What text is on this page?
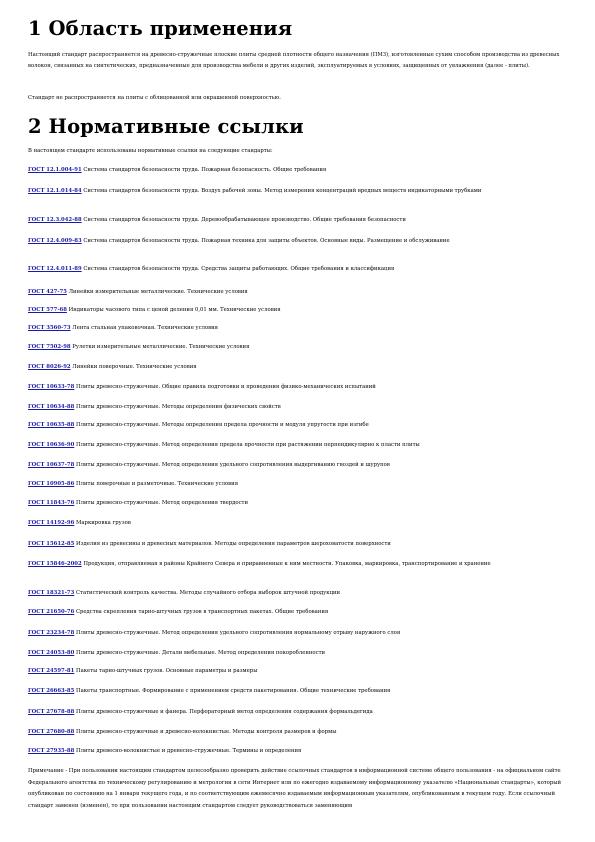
1 Область применения

Настоящий стандарт распространяется на древесно-стружечные плоские плиты средней плотности общего назначения (ПМЗ), изготовленные сухим способом производства из древесных волокон, связанных на синтетических, предназначенные для производства мебели и других изделий, эксплуатируемых в условиях, защищенных от увлажнения (далее - плиты).

Стандарт не распространяется на плиты с облицованной или окрашенной поверхностью.

2 Нормативные ссылки

В настоящем стандарте использованы нормативные ссылки на следующие стандарты:

ГОСТ 12.1.004-91 Система стандартов безопасности труда. Пожарная безопасность. Общие требования

ГОСТ 12.1.014-84 Система стандартов безопасности труда. Воздух рабочей зоны. Метод измерения концентраций вредных веществ индикаторными трубками

ГОСТ 12.3.042-88 Система стандартов безопасности труда. Деревообрабатывающее производство. Общие требования безопасности

ГОСТ 12.4.009-83 Система стандартов безопасности труда. Пожарная техника для защиты объектов. Основные виды. Размещение и обслуживание

ГОСТ 12.4.011-89 Система стандартов безопасности труда. Средства защиты работающих. Общие требования и классификация

ГОСТ 427-75 Линейки измерительные металлические. Технические условия

ГОСТ 577-68 Индикаторы часового типа с ценой деления 0,01 мм. Технические условия

ГОСТ 3560-73 Лента стальная упаковочная. Технические условия

ГОСТ 7502-98 Рулетки измерительные металлические. Технические условия

ГОСТ 8026-92 Линейки поверочные. Технические условия

ГОСТ 10633-78 Плиты древесно-стружечные. Общие правила подготовки и проведения физико-механических испытаний

ГОСТ 10634-88 Плиты древесно-стружечные. Методы определения физических свойств

ГОСТ 10635-88 Плиты древесно-стружечные. Методы определения предела прочности и модуля упругости при изгибе

ГОСТ 10636-90 Плиты древесно-стружечные. Метод определения предела прочности при растяжении перпендикулярно к пласти плиты

ГОСТ 10637-78 Плиты древесно-стружечные. Метод определения удельного сопротивления выдергиванию гвоздей и шурупов

ГОСТ 10905-86 Плиты поверочные и разметочные. Технические условия

ГОСТ 11843-76 Плиты древесно-стружечные. Метод определения твердости

ГОСТ 14192-96 Маркировка грузов

ГОСТ 15612-85 Изделия из древесины и древесных материалов. Методы определения параметров шероховатости поверхности

ГОСТ 15846-2002 Продукция, отправляемая в районы Крайнего Севера и приравненные к ним местности. Упаковка, маркировка, транспортирование и хранение

ГОСТ 18321-73 Статистический контроль качества. Методы случайного отбора выборок штучной продукции

ГОСТ 21650-76 Средства скрепления тарно-штучных грузов в транспортных пакетах. Общие требования

ГОСТ 23234-78 Плиты древесно-стружечные. Метод определения удельного сопротивления нормальному отрыву наружного слоя

ГОСТ 24053-80 Плиты древесно-стружечные. Детали мебельные. Метод определения покоробленности

ГОСТ 24597-81 Пакеты тарно-штучных грузов. Основные параметры и размеры

ГОСТ 26663-85 Пакеты транспортные. Формирование с применением средств пакетирования. Общие технические требования

ГОСТ 27678-88 Плиты древесно-стружечные и фанера. Перфораторный метод определения содержания формальдегида

ГОСТ 27680-88 Плиты древесно-стружечные и древесно-волокнистые. Методы контроля размеров и формы

ГОСТ 27935-88 Плиты древесно-волокнистые и древесно-стружечные. Термины и определения

Примечание - При пользовании настоящим стандартом целесообразно проверить действие ссылочных стандартов в информационной системе общего пользования - на официальном сайте Федерального агентства по техническому регулированию и метрологии в сети Интернет или по ежегодно издаваемому информационному указателю «Национальные стандарты», который опубликован по состоянию на 1 января текущего года, и по соответствующим ежемесячно издаваемым информационным указателям, опубликованным в текущем году. Если ссылочный стандарт заменен (изменен), то при пользовании настоящим стандартом следует руководствоваться заменяющим
